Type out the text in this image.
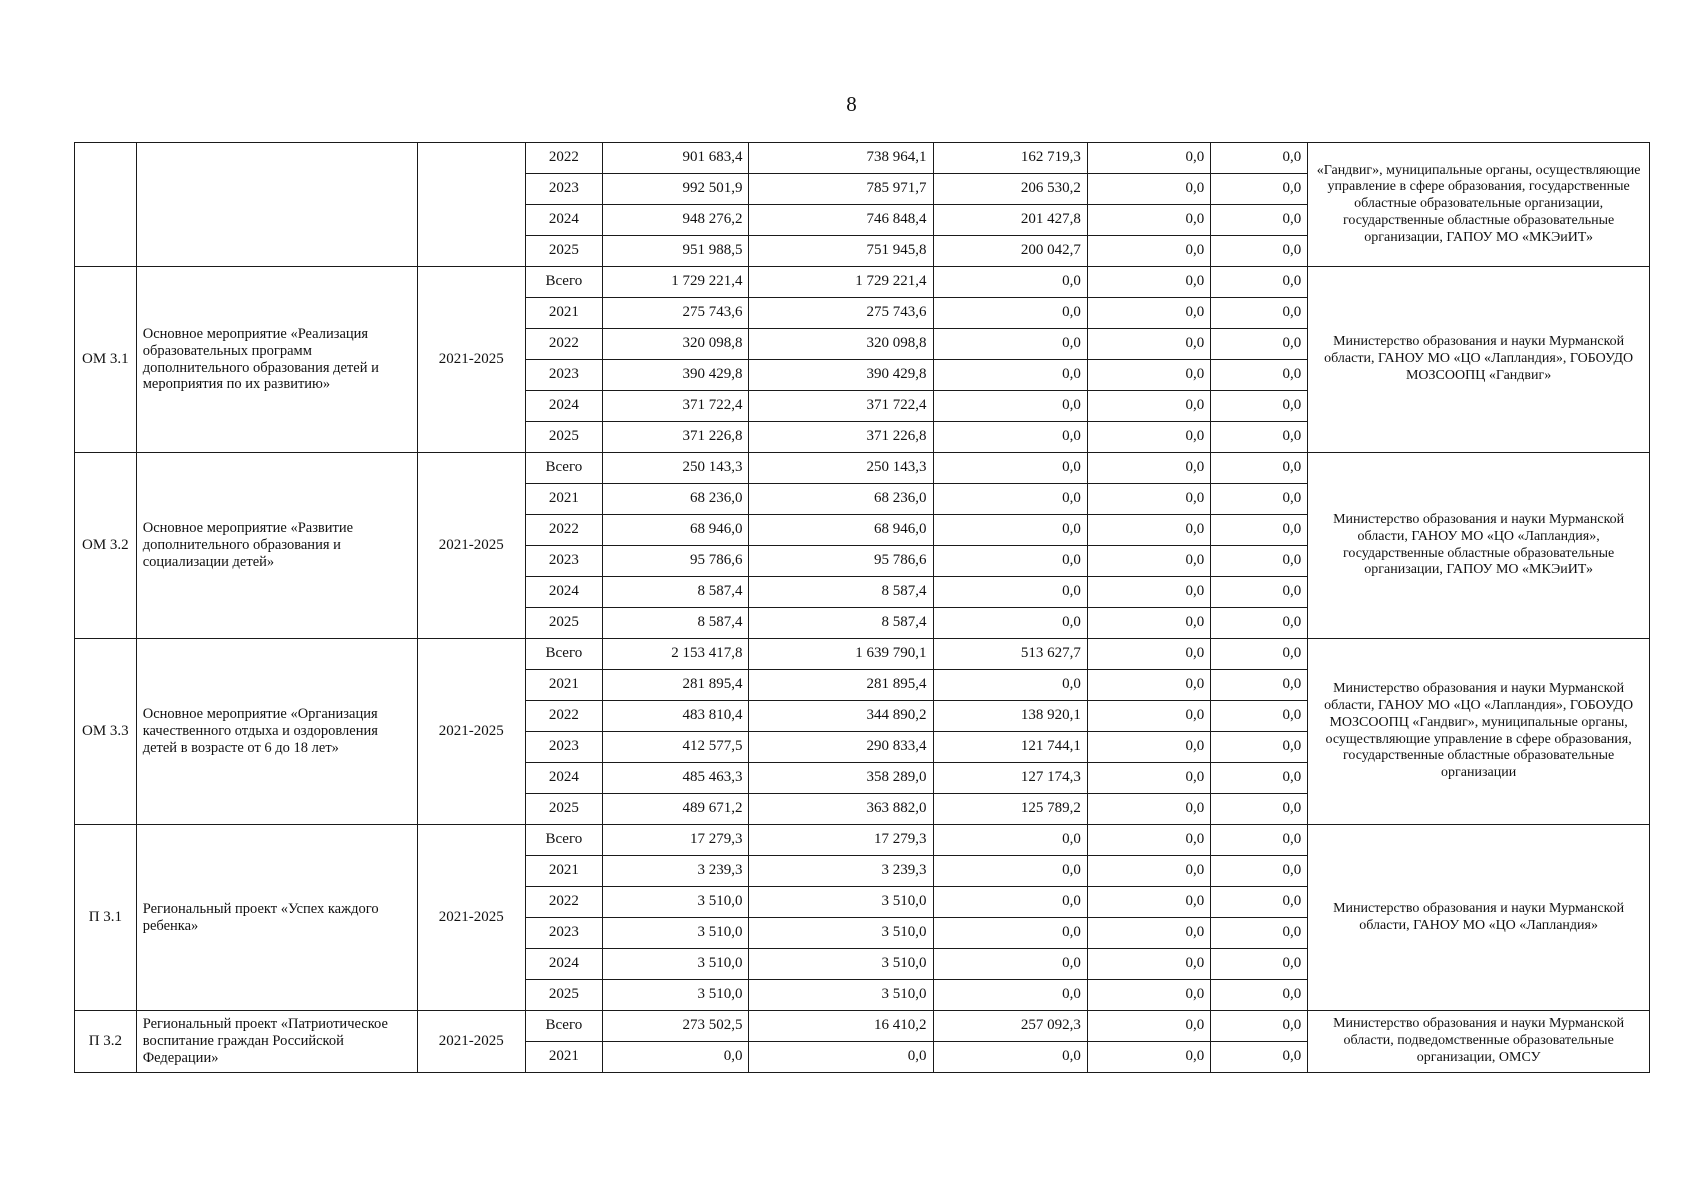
8
			2022	901 683,4	738 964,1	162 719,3	0,0	0,0	«Гандвиг», муниципальные органы, осуществляющие управление в сфере образования, государственные областные образовательные организации, государственные областные образовательные организации, ГАПОУ МО «МКЭиИТ»
			2023	992 501,9	785 971,7	206 530,2	0,0	0,0	
			2024	948 276,2	746 848,4	201 427,8	0,0	0,0	
			2025	951 988,5	751 945,8	200 042,7	0,0	0,0	
ОМ 3.1	Основное мероприятие «Реализация образовательных программ дополнительного образования детей и мероприятия по их развитию»	2021-2025	Всего	1 729 221,4	1 729 221,4	0,0	0,0	0,0	Министерство образования и науки Мурманской области, ГАНОУ МО «ЦО «Лапландия», ГОБОУДО МОЗСООПЦ «Гандвиг»
			2021	275 743,6	275 743,6	0,0	0,0	0,0	
			2022	320 098,8	320 098,8	0,0	0,0	0,0	
			2023	390 429,8	390 429,8	0,0	0,0	0,0	
			2024	371 722,4	371 722,4	0,0	0,0	0,0	
			2025	371 226,8	371 226,8	0,0	0,0	0,0	
ОМ 3.2	Основное мероприятие «Развитие дополнительного образования и социализации детей»	2021-2025	Всего	250 143,3	250 143,3	0,0	0,0	0,0	Министерство образования и науки Мурманской области, ГАНОУ МО «ЦО «Лапландия», государственные областные образовательные организации, ГАПОУ МО «МКЭиИТ»
			2021	68 236,0	68 236,0	0,0	0,0	0,0	
			2022	68 946,0	68 946,0	0,0	0,0	0,0	
			2023	95 786,6	95 786,6	0,0	0,0	0,0	
			2024	8 587,4	8 587,4	0,0	0,0	0,0	
			2025	8 587,4	8 587,4	0,0	0,0	0,0	
ОМ 3.3	Основное мероприятие «Организация качественного отдыха и оздоровления детей в возрасте от 6 до 18 лет»	2021-2025	Всего	2 153 417,8	1 639 790,1	513 627,7	0,0	0,0	Министерство образования и науки Мурманской области, ГАНОУ МО «ЦО «Лапландия», ГОБОУДО МОЗСООПЦ «Гандвиг», муниципальные органы, осуществляющие управление в сфере образования, государственные областные образовательные организации
			2021	281 895,4	281 895,4	0,0	0,0	0,0	
			2022	483 810,4	344 890,2	138 920,1	0,0	0,0	
			2023	412 577,5	290 833,4	121 744,1	0,0	0,0	
			2024	485 463,3	358 289,0	127 174,3	0,0	0,0	
			2025	489 671,2	363 882,0	125 789,2	0,0	0,0	
П 3.1	Региональный проект «Успех каждого ребенка»	2021-2025	Всего	17 279,3	17 279,3	0,0	0,0	0,0	Министерство образования и науки Мурманской области, ГАНОУ МО «ЦО «Лапландия»
			2021	3 239,3	3 239,3	0,0	0,0	0,0	
			2022	3 510,0	3 510,0	0,0	0,0	0,0	
			2023	3 510,0	3 510,0	0,0	0,0	0,0	
			2024	3 510,0	3 510,0	0,0	0,0	0,0	
			2025	3 510,0	3 510,0	0,0	0,0	0,0	
П 3.2	Региональный проект «Патриотическое воспитание граждан Российской Федерации»	2021-2025	Всего	273 502,5	16 410,2	257 092,3	0,0	0,0	Министерство образования и науки Мурманской области, подведомственные образовательные организации, ОМСУ
			2021	0,0	0,0	0,0	0,0	0,0	
